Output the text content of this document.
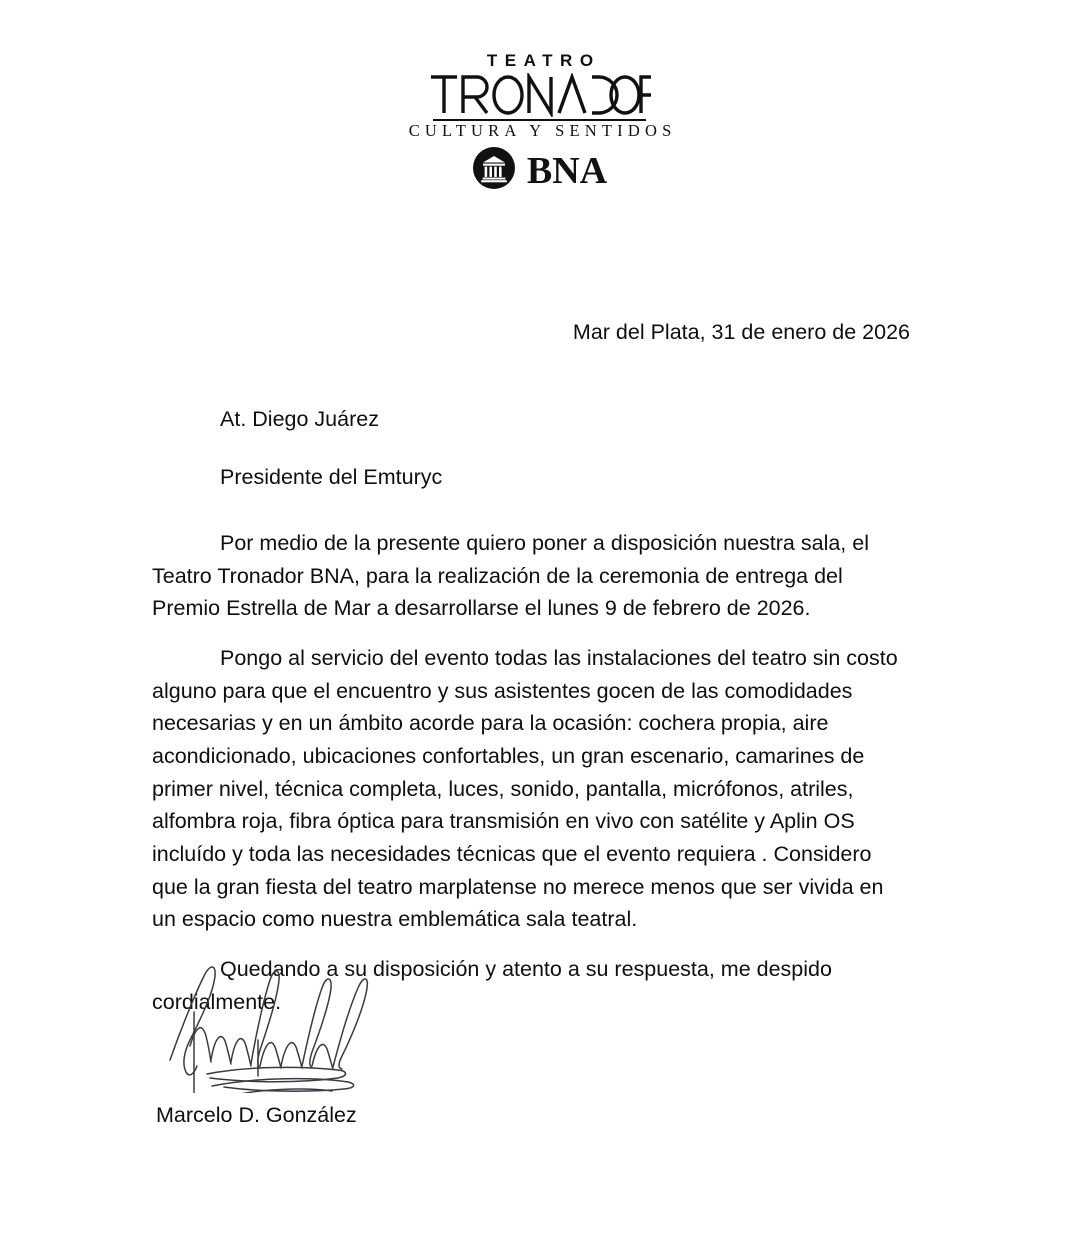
TEATRO
CULTURA Y SENTIDOS
BNA
Mar del Plata, 31 de enero de 2026
At. Diego Juárez
Presidente del Emturyc

Por medio de la presente quiero poner a disposición nuestra sala, el Teatro Tronador BNA, para la realización de la ceremonia de entrega del Premio Estrella de Mar a desarrollarse el lunes 9 de febrero de 2026.

Pongo al servicio del evento todas las instalaciones del teatro sin costo alguno para que el encuentro y sus asistentes gocen de las comodidades necesarias y en un ámbito acorde para la ocasión: cochera propia, aire acondicionado, ubicaciones confortables, un gran escenario, camarines de primer nivel, técnica completa, luces, sonido, pantalla, micrófonos, atriles, alfombra roja, fibra óptica para transmisión en vivo con satélite y Aplin OS incluído y toda las necesidades técnicas que el evento requiera . Considero que la gran fiesta del teatro marplatense no merece menos que ser vivida en un espacio como nuestra emblemática sala teatral.

Quedando a su disposición y atento a su respuesta, me despido cordialmente.

Marcelo D. González
